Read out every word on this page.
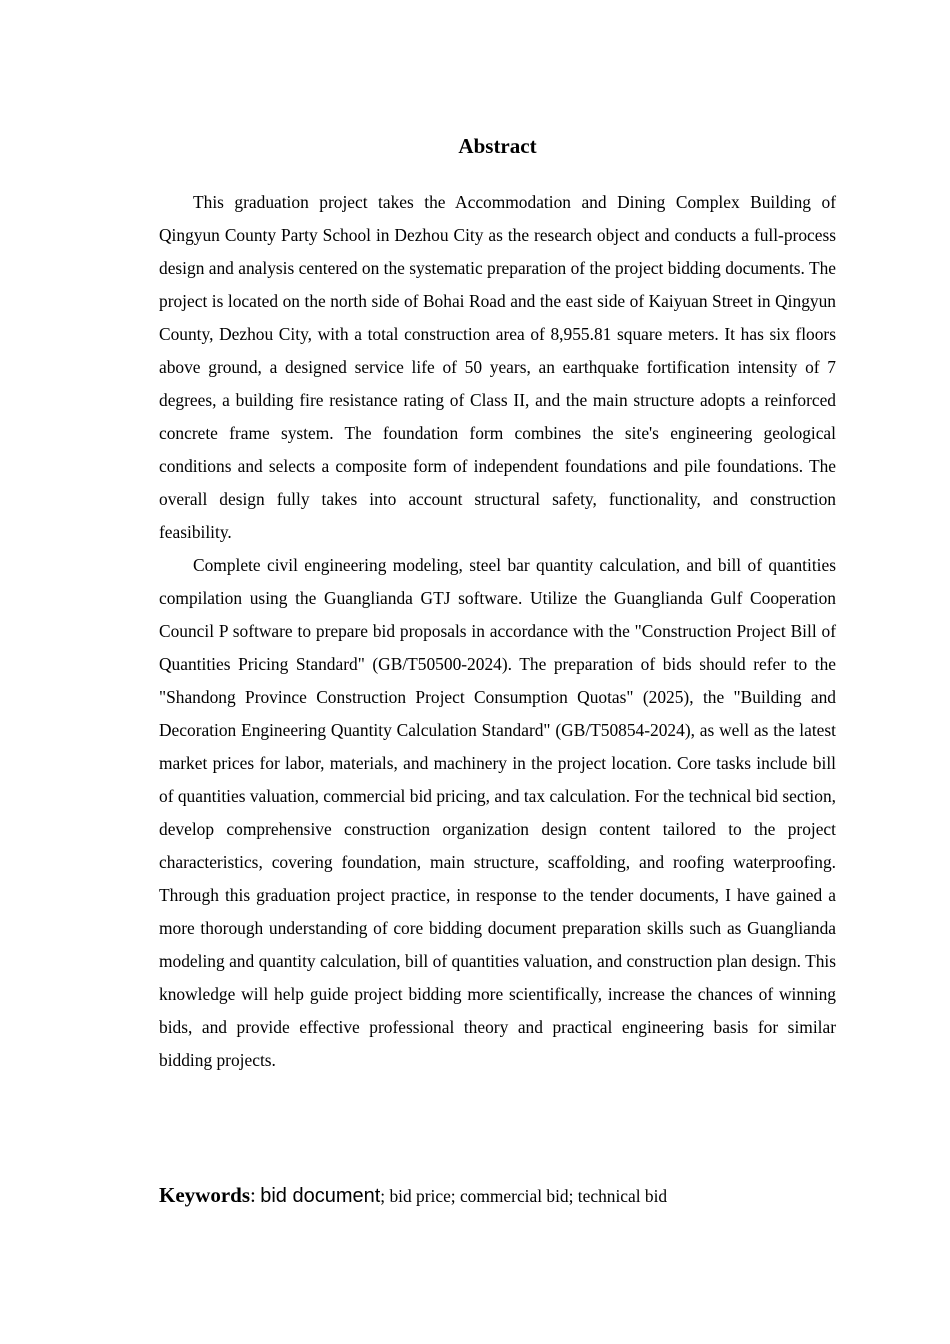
Abstract

This graduation project takes the Accommodation and Dining Complex Building of Qingyun County Party School in Dezhou City as the research object and conducts a full-process design and analysis centered on the systematic preparation of the project bidding documents. The project is located on the north side of Bohai Road and the east side of Kaiyuan Street in Qingyun County, Dezhou City, with a total construction area of 8,955.81 square meters. It has six floors above ground, a designed service life of 50 years, an earthquake fortification intensity of 7 degrees, a building fire resistance rating of Class II, and the main structure adopts a reinforced concrete frame system. The foundation form combines the site's engineering geological conditions and selects a composite form of independent foundations and pile foundations. The overall design fully takes into account structural safety, functionality, and construction feasibility.

Complete civil engineering modeling, steel bar quantity calculation, and bill of quantities compilation using the Guanglianda GTJ software. Utilize the Guanglianda Gulf Cooperation Council P software to prepare bid proposals in accordance with the "Construction Project Bill of Quantities Pricing Standard" (GB/T50500-2024). The preparation of bids should refer to the "Shandong Province Construction Project Consumption Quotas" (2025), the "Building and Decoration Engineering Quantity Calculation Standard" (GB/T50854-2024), as well as the latest market prices for labor, materials, and machinery in the project location. Core tasks include bill of quantities valuation, commercial bid pricing, and tax calculation. For the technical bid section, develop comprehensive construction organization design content tailored to the project characteristics, covering foundation, main structure, scaffolding, and roofing waterproofing. Through this graduation project practice, in response to the tender documents, I have gained a more thorough understanding of core bidding document preparation skills such as Guanglianda modeling and quantity calculation, bill of quantities valuation, and construction plan design. This knowledge will help guide project bidding more scientifically, increase the chances of winning bids, and provide effective professional theory and practical engineering basis for similar bidding projects.

Keywords: bid document; bid price; commercial bid; technical bid
